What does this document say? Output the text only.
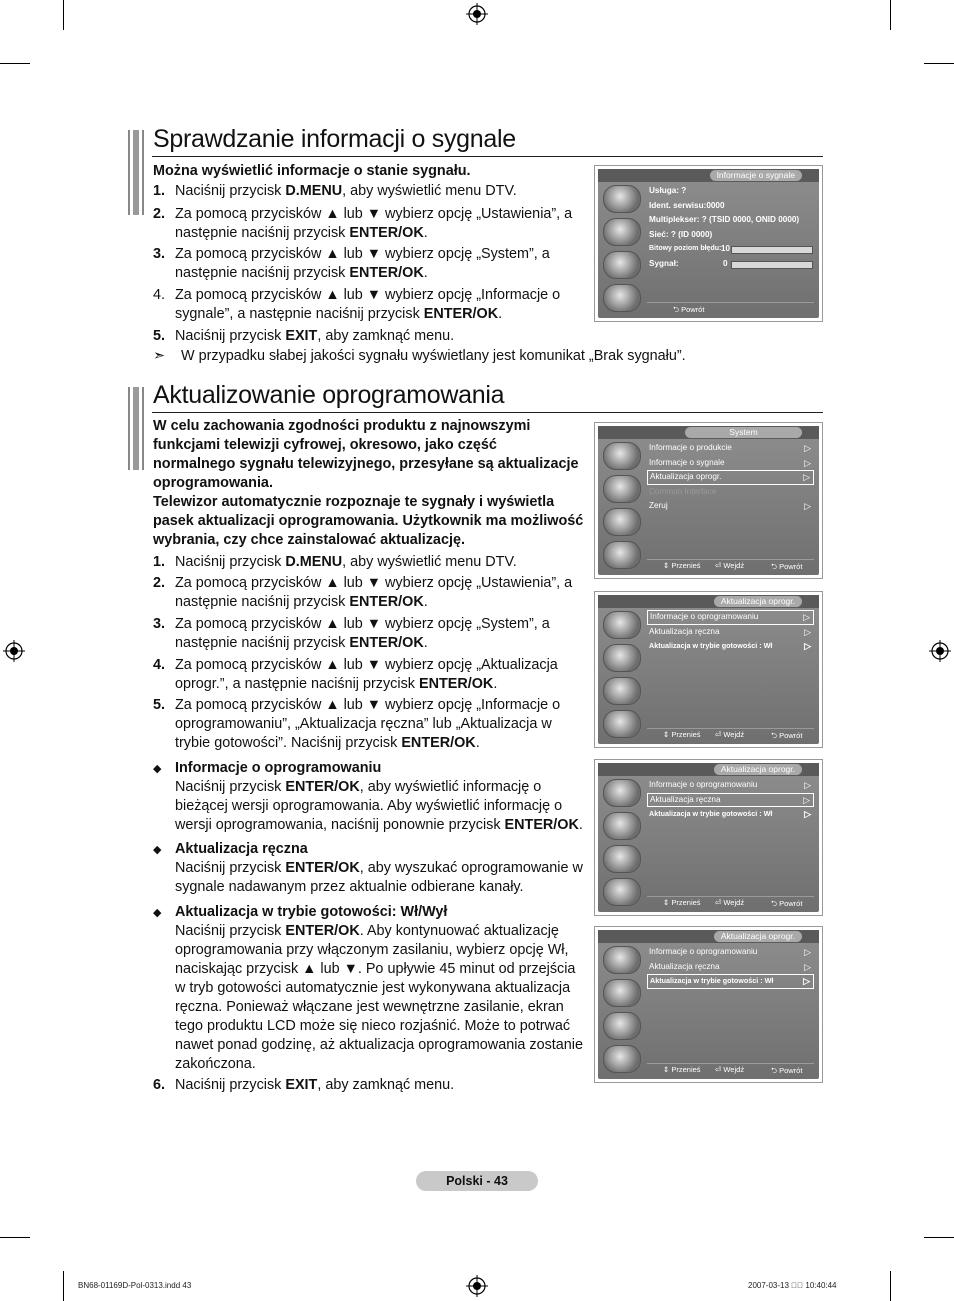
Sprawdzanie informacji o sygnale
Można wyświetlić informacje o stanie sygnału.
1. Naciśnij przycisk D.MENU, aby wyświetlić menu DTV.
2. Za pomocą przycisków ▲ lub ▼ wybierz opcję „Ustawienia”, a następnie naciśnij przycisk ENTER/OK.
3. Za pomocą przycisków ▲ lub ▼ wybierz opcję „System”, a następnie naciśnij przycisk ENTER/OK.
4. Za pomocą przycisków ▲ lub ▼ wybierz opcję „Informacje o sygnale”, a następnie naciśnij przycisk ENTER/OK.
5. Naciśnij przycisk EXIT, aby zamknąć menu.
➣	W przypadku słabej jakości sygnału wyświetlany jest komunikat „Brak sygnału”.
Informacje o sygnale
Usługa: ?
Ident. serwisu:0000
Multiplekser: ? (TSID 0000, ONID 0000)
Sieć: ? (ID 0000)
Bitowy poziom błędu: 10
Sygnał:	0
⮌ Powrót
Aktualizowanie oprogramowania
W celu zachowania zgodności produktu z najnowszymi funkcjami telewizji cyfrowej, okresowo, jako część normalnego sygnału telewizyjnego, przesyłane są aktualizacje oprogramowania.
Telewizor automatycznie rozpoznaje te sygnały i wyświetla pasek aktualizacji oprogramowania. Użytkownik ma możliwość wybrania, czy chce zainstalować aktualizację.
1. Naciśnij przycisk D.MENU, aby wyświetlić menu DTV.
2. Za pomocą przycisków ▲ lub ▼ wybierz opcję „Ustawienia”, a następnie naciśnij przycisk ENTER/OK.
3. Za pomocą przycisków ▲ lub ▼ wybierz opcję „System”, a następnie naciśnij przycisk ENTER/OK.
4. Za pomocą przycisków ▲ lub ▼ wybierz opcję „Aktualizacja oprogr.”, a następnie naciśnij przycisk ENTER/OK.
5. Za pomocą przycisków ▲ lub ▼ wybierz opcję „Informacje o oprogramowaniu”, „Aktualizacja ręczna” lub „Aktualizacja w trybie gotowości”. Naciśnij przycisk ENTER/OK.
◆ Informacje o oprogramowaniu
Naciśnij przycisk ENTER/OK, aby wyświetlić informację o bieżącej wersji oprogramowania. Aby wyświetlić informację o wersji oprogramowania, naciśnij ponownie przycisk ENTER/OK.
◆ Aktualizacja ręczna
Naciśnij przycisk ENTER/OK, aby wyszukać oprogramowanie w sygnale nadawanym przez aktualnie odbierane kanały.
◆ Aktualizacja w trybie gotowości: Wł/Wył
Naciśnij przycisk ENTER/OK. Aby kontynuować aktualizację oprogramowania przy włączonym zasilaniu, wybierz opcję Wł, naciskając przycisk ▲ lub ▼. Po upływie 45 minut od przejścia w tryb gotowości automatycznie jest wykonywana aktualizacja ręczna. Ponieważ włączane jest wewnętrzne zasilanie, ekran tego produktu LCD może się nieco rozjaśnić. Może to potrwać nawet ponad godzinę, aż aktualizacja oprogramowania zostanie zakończona.
6. Naciśnij przycisk EXIT, aby zamknąć menu.
System
Informacje o produkcie	▷
Informacje o sygnale	▷
Aktualizacja oprogr.	▷
Common Interface
Zeruj	▷
⇕ Przenieś ⏎ Wejdź	⮌ Powrót
Aktualizacja oprogr.
Informacje o oprogramowaniu	▷
Aktualizacja ręczna	▷
Aktualizacja w trybie gotowości : Wł	▷
⇕ Przenieś ⏎ Wejdź	⮌ Powrót
Aktualizacja oprogr.
Informacje o oprogramowaniu	▷
Aktualizacja ręczna	▷
Aktualizacja w trybie gotowości : Wł	▷
⇕ Przenieś ⏎ Wejdź	⮌ Powrót
Aktualizacja oprogr.
Informacje o oprogramowaniu	▷
Aktualizacja ręczna	▷
Aktualizacja w trybie gotowości : Wł	▷
⇕ Przenieś ⏎ Wejdź	⮌ Powrót
Polski - 43
BN68-01169D-Pol-0313.indd 43	2007-03-13 ￿￿ 10:40:44
